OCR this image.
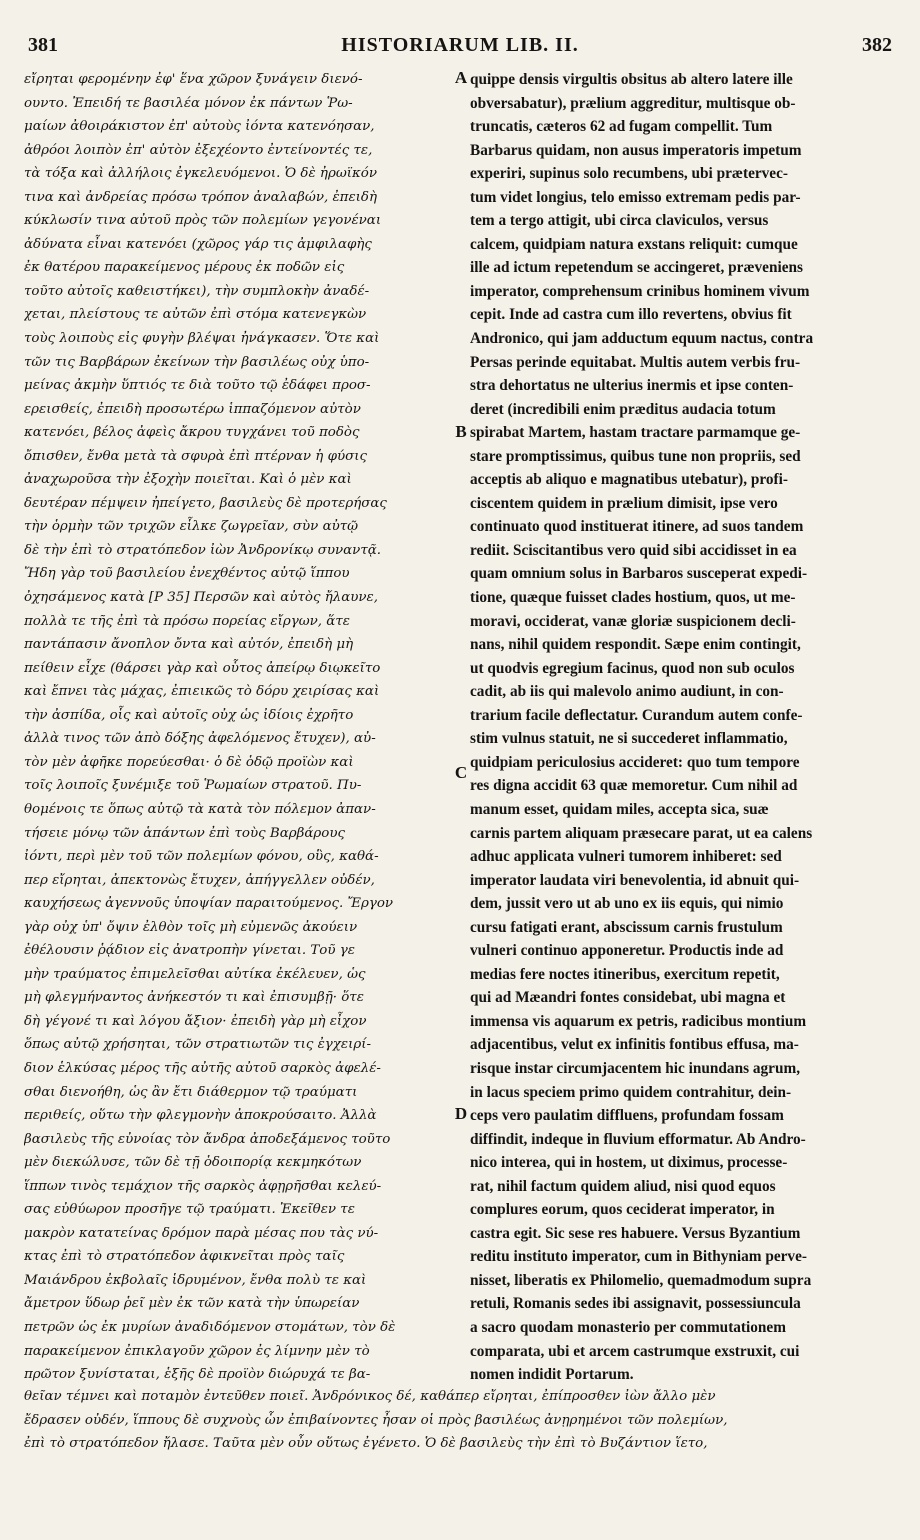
381	HISTORIARUM LIB. II.	382
εἴρηται φερομένην ἐφ' ἕνα χῶρον ξυνάγειν διενό-
ουντο. Ἐπειδή τε βασιλέα μόνον ἐκ πάντων Ῥω-
μαίων ἀθοιράκιστον ἐπ' αὐτοὺς ἰόντα κατενόησαν,
ἀθρόοι λοιπὸν ἐπ' αὐτὸν ἐξεχέοντο ἐντείνοντές τε,
τὰ τόξα καὶ ἀλλήλοις ἐγκελευόμενοι. Ὁ δὲ ἠρωϊκόν
τινα καὶ ἀνδρείας πρόσω τρόπον ἀναλαβών, ἐπειδὴ
κύκλωσίν τινα αὐτοῦ πρὸς τῶν πολεμίων γεγονέναι
ἀδύνατα εἶναι κατενόει (χῶρος γάρ τις ἀμφιλαφὴς
ἐκ θατέρου παρακείμενος μέρους ἐκ ποδῶν εἰς
τοῦτο αὐτοῖς καθειστήκει), τὴν συμπλοκὴν ἀναδέ-
χεται, πλείστους τε αὐτῶν ἐπὶ στόμα κατενεγκὼν
τοὺς λοιποὺς εἰς φυγὴν βλέψαι ἠνάγκασεν. Ὅτε καὶ
τῶν τις Βαρβάρων ἐκείνων τὴν βασιλέως οὐχ ὑπο-
μείνας ἀκμὴν ὕπτιός τε διὰ τοῦτο τῷ ἐδάφει προσ-
ερεισθείς, ἐπειδὴ προσωτέρω ἱππαζόμενον αὐτὸν
κατενόει, βέλος ἀφεὶς ἄκρου τυγχάνει τοῦ ποδὸς
ὄπισθεν, ἔνθα μετὰ τὰ σφυρὰ ἐπὶ πτέρναν ἡ φύσις
ἀναχωροῦσα τὴν ἐξοχὴν ποιεῖται. Καὶ ὁ μὲν καὶ
δευτέραν πέμψειν ἠπείγετο, βασιλεὺς δὲ προτερήσας
τὴν ὁρμὴν τῶν τριχῶν εἷλκε ζωγρεῖαν, σὺν αὐτῷ
δὲ τὴν ἐπὶ τὸ στρατόπεδον ἰὼν Ἀνδρονίκῳ συναντᾷ.
Ἤδη γὰρ τοῦ βασιλείου ἐνεχθέντος αὐτῷ ἵππου
ὀχησάμενος κατὰ [P 35] Περσῶν καὶ αὐτὸς ἤλαυνε,
πολλὰ τε τῆς ἐπὶ τὰ πρόσω πορείας εἴργων, ἅτε
παντάπασιν ἄνοπλον ὄντα καὶ αὐτόν, ἐπειδὴ μὴ
πείθειν εἶχε (θάρσει γὰρ καὶ οὗτος ἀπείρῳ διῳκεῖτο
καὶ ἔπνει τὰς μάχας, ἐπιεικῶς τὸ δόρυ χειρίσας καὶ
τὴν ἀσπίδα, οἷς καὶ αὐτοῖς οὐχ ὡς ἰδίοις ἐχρῆτο
ἀλλὰ τινος τῶν ἀπὸ δόξης ἀφελόμενος ἔτυχεν), αὐ-
τὸν μὲν ἀφῆκε πορεύεσθαι· ὁ δὲ ὁδῷ προϊὼν καὶ
τοῖς λοιποῖς ξυνέμιξε τοῦ Ῥωμαίων στρατοῦ. Πυ-
θομένοις τε ὅπως αὐτῷ τὰ κατὰ τὸν πόλεμον ἀπαν-
τήσειε μόνῳ τῶν ἁπάντων ἐπὶ τοὺς Βαρβάρους
ἰόντι, περὶ μὲν τοῦ τῶν πολεμίων φόνου, οὓς, καθά-
περ εἴρηται, ἀπεκτονὼς ἔτυχεν, ἀπήγγελλεν οὐδέν,
καυχήσεως ἀγεννοῦς ὑποψίαν παραιτούμενος. Ἔργον
γὰρ οὐχ ὑπ' ὄψιν ἐλθὸν τοῖς μὴ εὐμενῶς ἀκούειν
ἐθέλουσιν ῥᾴδιον εἰς ἀνατροπὴν γίνεται. Τοῦ γε
μὴν τραύματος ἐπιμελεῖσθαι αὐτίκα ἐκέλευεν, ὡς
μὴ φλεγμήναντος ἀνήκεστόν τι καὶ ἐπισυμβῇ· ὅτε
δὴ γέγονέ τι καὶ λόγου ἄξιον· ἐπειδὴ γὰρ μὴ εἶχον
ὅπως αὐτῷ χρήσηται, τῶν στρατιωτῶν τις ἐγχειρί-
διον ἑλκύσας μέρος τῆς αὐτῆς αὐτοῦ σαρκὸς ἀφελέ-
σθαι διενοήθη, ὡς ἂν ἔτι διάθερμον τῷ τραύματι
περιθείς, οὕτω τὴν φλεγμονὴν ἀποκρούσαιτο. Ἀλλὰ
βασιλεὺς τῆς εὐνοίας τὸν ἄνδρα ἀποδεξάμενος τοῦτο
μὲν διεκώλυσε, τῶν δὲ τῇ ὁδοιπορίᾳ κεκμηκότων
ἵππων τινὸς τεμάχιον τῆς σαρκὸς ἀφῃρῆσθαι κελεύ-
σας εὐθύωρον προσῆγε τῷ τραύματι. Ἐκεῖθεν τε
μακρὸν κατατείνας δρόμον παρὰ μέσας που τὰς νύ-
κτας ἐπὶ τὸ στρατόπεδον ἀφικνεῖται πρὸς ταῖς
Μαιάνδρου ἐκβολαῖς ἱδρυμένον, ἔνθα πολὺ τε καὶ
ἄμετρον ὕδωρ ῥεῖ μὲν ἐκ τῶν κατὰ τὴν ὑπωρείαν
πετρῶν ὡς ἐκ μυρίων ἀναδιδόμενον στομάτων, τὸν δὲ
παρακείμενον ἐπικλαγοῦν χῶρον ἐς λίμνην μὲν τὸ
πρῶτον ξυνίσταται, ἑξῆς δὲ προϊὸν διώρυχά τε βα-
quippe densis virgultis obsitus ab altero latere ille
obversabatur), prælium aggreditur, multisque ob-
truncatis, cæteros 62 ad fugam compellit. Tum
Barbarus quidam, non ausus imperatoris impetum
experiri, supinus solo recumbens, ubi prætervec-
tum videt longius, telo emisso extremam pedis par-
tem a tergo attigit, ubi circa claviculos, versus
calcem, quidpiam natura exstans reliquit: cumque
ille ad ictum repetendum se accingeret, præveniens
imperator, comprehensum crinibus hominem vivum
cepit. Inde ad castra cum illo revertens, obvius fit
Andronico, qui jam adductum equum nactus, contra
Persas perinde equitabat. Multis autem verbis fru-
stra dehortatus ne ulterius inermis et ipse conten-
deret (incredibili enim præditus audacia totum
spirabat Martem, hastam tractare parmamque ge-
stare promptissimus, quibus tune non propriis, sed
acceptis ab aliquo e magnatibus utebatur), profi-
ciscentem quidem in prælium dimisit, ipse vero
continuato quod instituerat itinere, ad suos tandem
rediit. Sciscitantibus vero quid sibi accidisset in ea
quam omnium solus in Barbaros susceperat expedi-
tione, quæque fuisset clades hostium, quos, ut me-
moravi, occiderat, vanæ gloriæ suspicionem decli-
nans, nihil quidem respondit. Sæpe enim contingit,
ut quodvis egregium facinus, quod non sub oculos
cadit, ab iis qui malevolo animo audiunt, in con-
trarium facile deflectatur. Curandum autem confe-
stim vulnus statuit, ne si succederet inflammatio,
quidpiam periculosius accideret: quo tum tempore
res digna accidit 63 quæ memoretur. Cum nihil ad
manum esset, quidam miles, accepta sica, suæ
carnis partem aliquam præsecare parat, ut ea calens
adhuc applicata vulneri tumorem inhiberet: sed
imperator laudata viri benevolentia, id abnuit qui-
dem, jussit vero ut ab uno ex iis equis, qui nimio
cursu fatigati erant, abscissum carnis frustulum
vulneri continuo apponeretur. Productis inde ad
medias fere noctes itineribus, exercitum repetit,
qui ad Mæandri fontes considebat, ubi magna et
immensa vis aquarum ex petris, radicibus montium
adjacentibus, velut ex infinitis fontibus effusa, ma-
risque instar circumjacentem hic inundans agrum,
in lacus speciem primo quidem contrahitur, dein-
ceps vero paulatim diffluens, profundam fossam
diffindit, indeque in fluvium efformatur. Ab Andro-
nico interea, qui in hostem, ut diximus, processe-
rat, nihil factum quidem aliud, nisi quod equos
complures eorum, quos ceciderat imperator, in
castra egit. Sic sese res habuere. Versus Byzantium
reditu instituto imperator, cum in Bithyniam perve-
nisset, liberatis ex Philomelio, quemadmodum supra
retuli, Romanis sedes ibi assignavit, possessiuncula
a sacro quodam monasterio per commutationem
comparata, ubi et arcem castrumque exstruxit, cui
nomen indidit Portarum.
A
B
C
D
θεῖαν τέμνει καὶ ποταμὸν ἐντεῦθεν ποιεῖ. Ἀνδρόνικος δέ, καθάπερ εἴρηται, ἐπίπροσθεν ἰὼν ἄλλο μὲν
ἔδρασεν οὐδέν, ἵππους δὲ συχνοὺς ὧν ἐπιβαίνοντες ἦσαν οἱ πρὸς βασιλέως ἀνῃρημένοι τῶν πολεμίων,
ἐπὶ τὸ στρατόπεδον ἤλασε. Ταῦτα μὲν οὖν οὕτως ἐγένετο. Ὁ δὲ βασιλεὺς τὴν ἐπὶ τὸ Βυζάντιον ἵετο,
